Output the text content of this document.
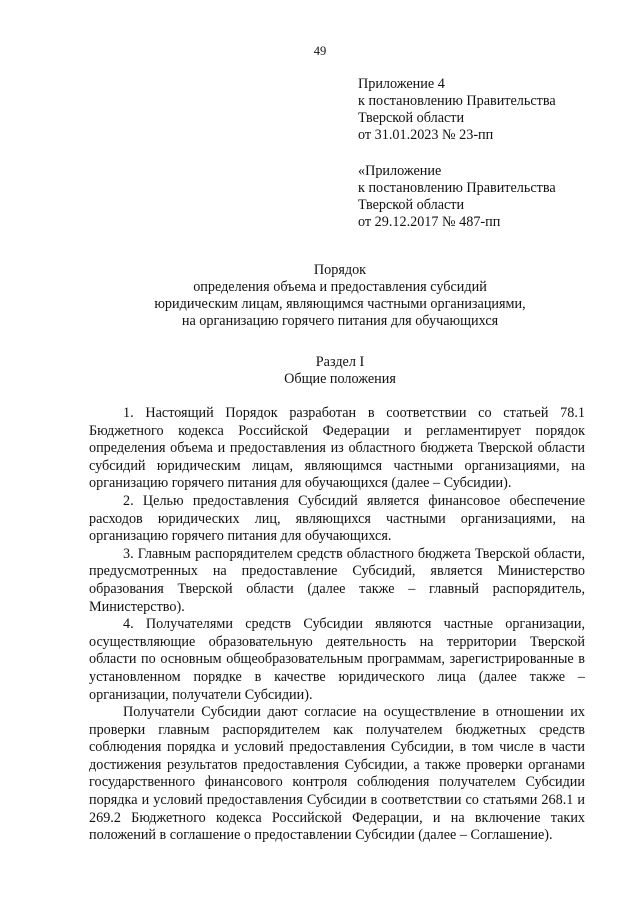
49
Приложение 4
к постановлению Правительства
Тверской области
от 31.01.2023 № 23-пп
«Приложение
к постановлению Правительства
Тверской области
от 29.12.2017 № 487-пп
Порядок
определения объема и предоставления субсидий
юридическим лицам, являющимся частными организациями,
на организацию горячего питания для обучающихся
Раздел I
Общие положения

1. Настоящий Порядок разработан в соответствии со статьей 78.1 Бюджетного кодекса Российской Федерации и регламентирует порядок определения объема и предоставления из областного бюджета Тверской области субсидий юридическим лицам, являющимся частными организациями, на организацию горячего питания для обучающихся (далее – Субсидии).

2. Целью предоставления Субсидий является финансовое обеспечение расходов юридических лиц, являющихся частными организациями, на организацию горячего питания для обучающихся.

3. Главным распорядителем средств областного бюджета Тверской области, предусмотренных на предоставление Субсидий, является Министерство образования Тверской области (далее также – главный распорядитель, Министерство).

4. Получателями средств Субсидии являются частные организации, осуществляющие образовательную деятельность на территории Тверской области по основным общеобразовательным программам, зарегистрированные в установленном порядке в качестве юридического лица (далее также – организации, получатели Субсидии).

Получатели Субсидии дают согласие на осуществление в отношении их проверки главным распорядителем как получателем бюджетных средств соблюдения порядка и условий предоставления Субсидии, в том числе в части достижения результатов предоставления Субсидии, а также проверки органами государственного финансового контроля соблюдения получателем Субсидии порядка и условий предоставления Субсидии в соответствии со статьями 268.1 и 269.2 Бюджетного кодекса Российской Федерации, и на включение таких положений в соглашение о предоставлении Субсидии (далее – Соглашение).
